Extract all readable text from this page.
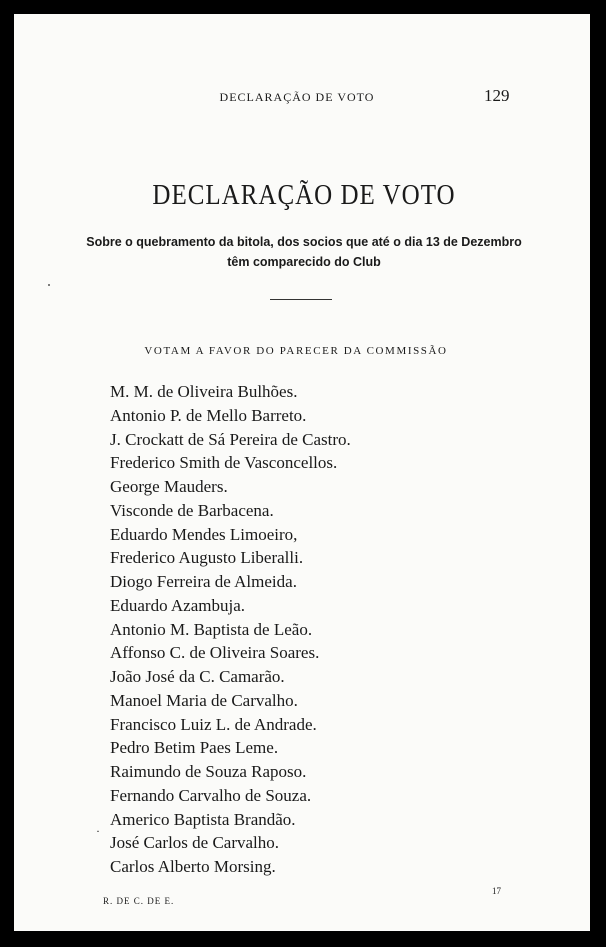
DECLARAÇÃO DE VOTO	129
DECLARAÇÃO DE VOTO
Sobre o quebramento da bitola, dos socios que até o dia 13 de Dezembro têm comparecido do Club
VOTAM A FAVOR DO PARECER DA COMMISSÃO
M. M. de Oliveira Bulhões.
Antonio P. de Mello Barreto.
J. Crockatt de Sá Pereira de Castro.
Frederico Smith de Vasconcellos.
George Mauders.
Visconde de Barbacena.
Eduardo Mendes Limoeiro,
Frederico Augusto Liberalli.
Diogo Ferreira de Almeida.
Eduardo Azambuja.
Antonio M. Baptista de Leão.
Affonso C. de Oliveira Soares.
João José da C. Camarão.
Manoel Maria de Carvalho.
Francisco Luiz L. de Andrade.
Pedro Betim Paes Leme.
Raimundo de Souza Raposo.
Fernando Carvalho de Souza.
Americo Baptista Brandão.
José Carlos de Carvalho.
Carlos Alberto Morsing.
·
R. DE C. DE E.
17
